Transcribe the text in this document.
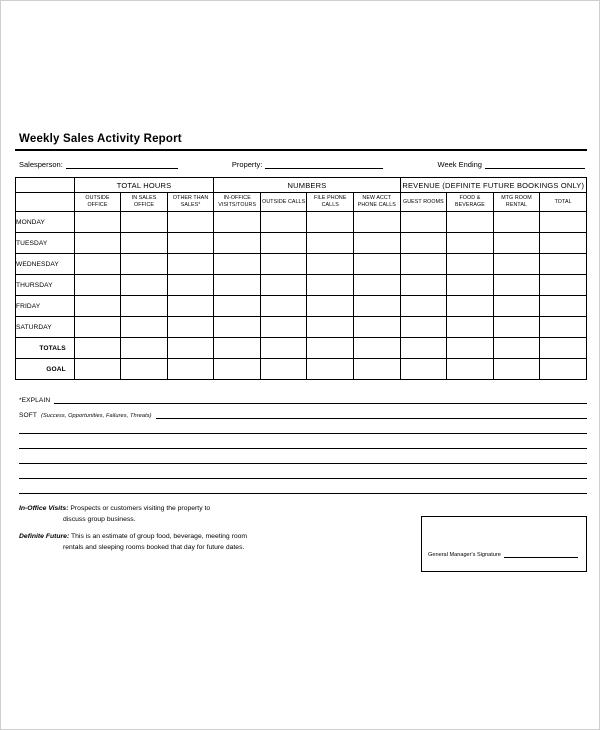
Weekly Sales Activity Report
Salesperson:	Property:	Week Ending
	TOTAL HOURS			NUMBERS				REVENUE (DEFINITE FUTURE BOOKINGS ONLY)			
	OUTSIDE OFFICE	IN SALES OFFICE	OTHER THAN SALES*	IN-OFFICE VISITS/TOURS	OUTSIDE CALLS	FILE PHONE CALLS	NEW ACCT PHONE CALLS	GUEST ROOMS	FOOD & BEVERAGE	MTG ROOM RENTAL	TOTAL
MONDAY											
TUESDAY											
WEDNESDAY											
THURSDAY											
FRIDAY											
SATURDAY											
TOTALS											
GOAL											
*EXPLAIN
SOFT (Success, Opportunities, Failures, Threats)

In-Office Visits: Prospects or customers visiting the property to
discuss group business.

Definite Future: This is an estimate of group food, beverage, meeting room
rentals and sleeping rooms booked that day for future dates.

General Manager's Signature
